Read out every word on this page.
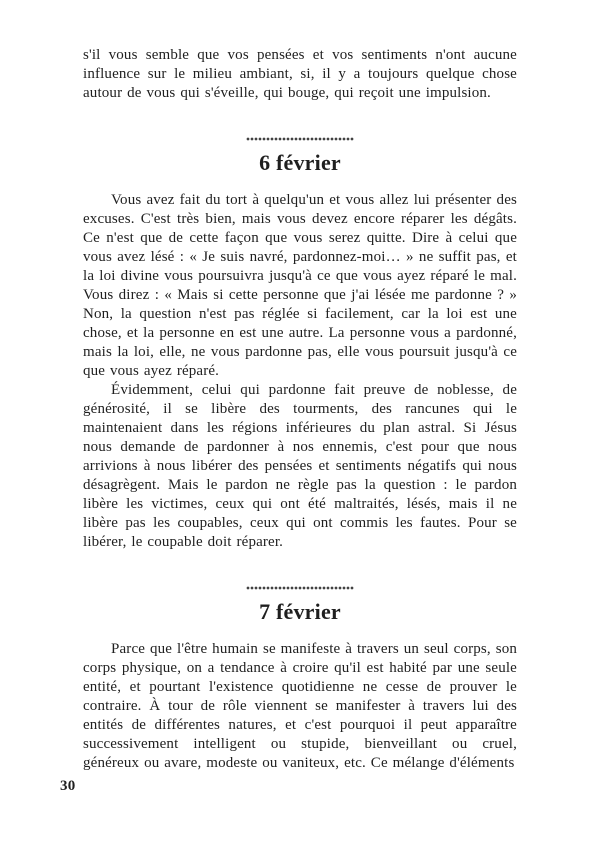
s'il vous semble que vos pensées et vos sentiments n'ont aucune influence sur le milieu ambiant, si, il y a toujours quelque chose autour de vous qui s'éveille, qui bouge, qui reçoit une impulsion.

6 février

Vous avez fait du tort à quelqu'un et vous allez lui présenter des excuses. C'est très bien, mais vous devez encore réparer les dégâts. Ce n'est que de cette façon que vous serez quitte. Dire à celui que vous avez lésé : « Je suis navré, pardonnez-moi… » ne suffit pas, et la loi divine vous poursuivra jusqu'à ce que vous ayez réparé le mal. Vous direz : « Mais si cette personne que j'ai lésée me pardonne ? » Non, la question n'est pas réglée si facilement, car la loi est une chose, et la personne en est une autre. La personne vous a pardonné, mais la loi, elle, ne vous pardonne pas, elle vous poursuit jusqu'à ce que vous ayez réparé.

Évidemment, celui qui pardonne fait preuve de noblesse, de générosité, il se libère des tourments, des rancunes qui le maintenaient dans les régions inférieures du plan astral. Si Jésus nous demande de pardonner à nos ennemis, c'est pour que nous arrivions à nous libérer des pensées et sentiments négatifs qui nous désagrègent. Mais le pardon ne règle pas la question : le pardon libère les victimes, ceux qui ont été maltraités, lésés, mais il ne libère pas les coupables, ceux qui ont commis les fautes. Pour se libérer, le coupable doit réparer.

7 février

Parce que l'être humain se manifeste à travers un seul corps, son corps physique, on a tendance à croire qu'il est habité par une seule entité, et pourtant l'existence quotidienne ne cesse de prouver le contraire. À tour de rôle viennent se manifester à travers lui des entités de différentes natures, et c'est pourquoi il peut apparaître successivement intelligent ou stupide, bienveillant ou cruel, généreux ou avare, modeste ou vaniteux, etc. Ce mélange d'éléments

30
